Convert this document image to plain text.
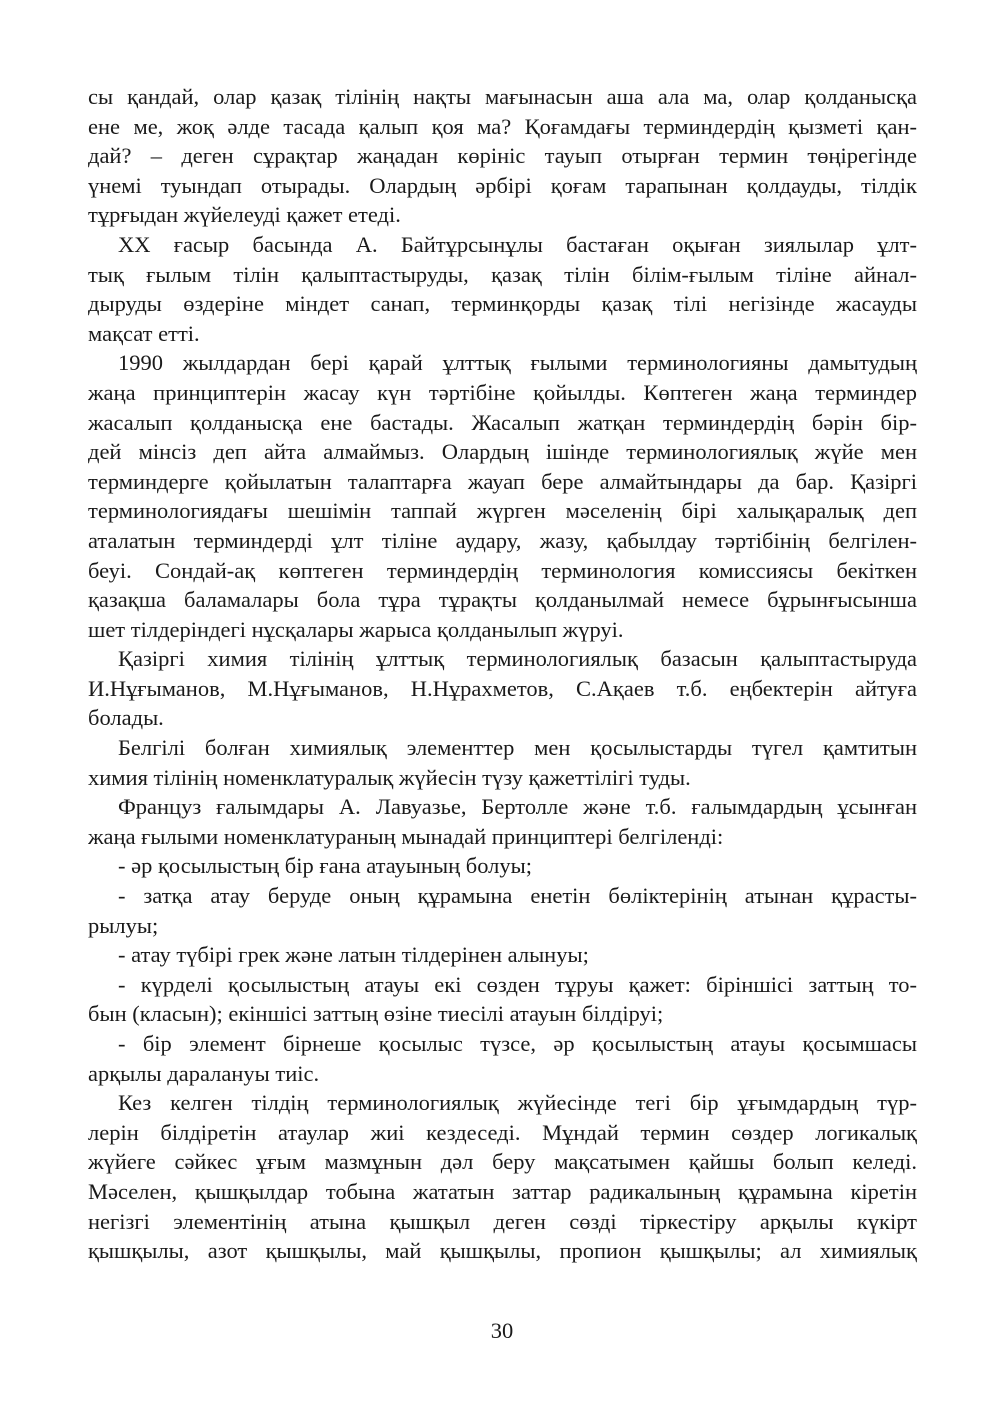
сы қандай, олар қазақ тілінің нақты мағынасын аша ала ма, олар қолданысқа
ене ме, жоқ әлде тасада қалып қоя ма? Қоғамдағы терминдердің қызметі қан-
дай? – деген сұрақтар жаңадан көрініс тауып отырған термин төңірегінде
үнемі туындап отырады. Олардың әрбірі қоғам тарапынан қолдауды, тілдік
тұрғыдан жүйелеуді қажет етеді.
XX ғасыр басында А. Байтұрсынұлы бастаған оқыған зиялылар ұлт-
тық ғылым тілін қалыптастыруды, қазақ тілін білім-ғылым тіліне айнал-
дыруды өздеріне міндет санап, терминқорды қазақ тілі негізінде жасауды
мақсат етті.
1990 жылдардан бері қарай ұлттық ғылыми терминологияны дамытудың
жаңа принциптерін жасау күн тәртібіне қойылды. Көптеген жаңа терминдер
жасалып қолданысқа ене бастады. Жасалып жатқан терминдердің бәрін бір-
дей мінсіз деп айта алмаймыз. Олардың ішінде терминологиялық жүйе мен
терминдерге қойылатын талаптарға жауап бере алмайтындары да бар. Қазіргі
терминологиядағы шешімін таппай жүрген мәселенің бірі халықаралық деп
аталатын терминдерді ұлт тіліне аудару, жазу, қабылдау тәртібінің белгілен-
беуі. Сондай-ақ көптеген терминдердің терминология комиссиясы бекіткен
қазақша баламалары бола тұра тұрақты қолданылмай немесе бұрынғысынша
шет тілдеріндегі нұсқалары жарыса қолданылып жүруі.
Қазіргі химия тілінің ұлттық терминологиялық базасын қалыптастыруда
И.Нұғыманов, М.Нұғыманов, Н.Нұрахметов, С.Ақаев т.б. еңбектерін айтуға
болады.
Белгілі болған химиялық элементтер мен қосылыстарды түгел қамтитын
химия тілінің номенклатуралық жүйесін түзу қажеттілігі туды.
Француз ғалымдары А. Лавуазье, Бертолле және т.б. ғалымдардың ұсынған
жаңа ғылыми номенклатураның мынадай принциптері белгіленді:
- әр қосылыстың бір ғана атауының болуы;
- затқа атау беруде оның құрамына енетін бөліктерінің атынан құрасты-
рылуы;
- атау түбірі грек және латын тілдерінен алынуы;
- күрделі қосылыстың атауы екі сөзден тұруы қажет: біріншісі заттың то-
бын (класын); екіншісі заттың өзіне тиесілі атауын білдіруі;
- бір элемент бірнеше қосылыс түзсе, әр қосылыстың атауы қосымшасы
арқылы даралануы тиіс.
Кез келген тілдің терминологиялық жүйесінде тегі бір ұғымдардың түр-
лерін білдіретін атаулар жиі кездеседі. Мұндай термин сөздер логикалық
жүйеге сәйкес ұғым мазмұнын дәл беру мақсатымен қайшы болып келеді.
Мәселен, қышқылдар тобына жататын заттар радикалының құрамына кіретін
негізгі элементінің атына қышқыл деген сөзді тіркестіру арқылы күкірт
қышқылы, азот қышқылы, май қышқылы, пропион қышқылы; ал химиялық
30
